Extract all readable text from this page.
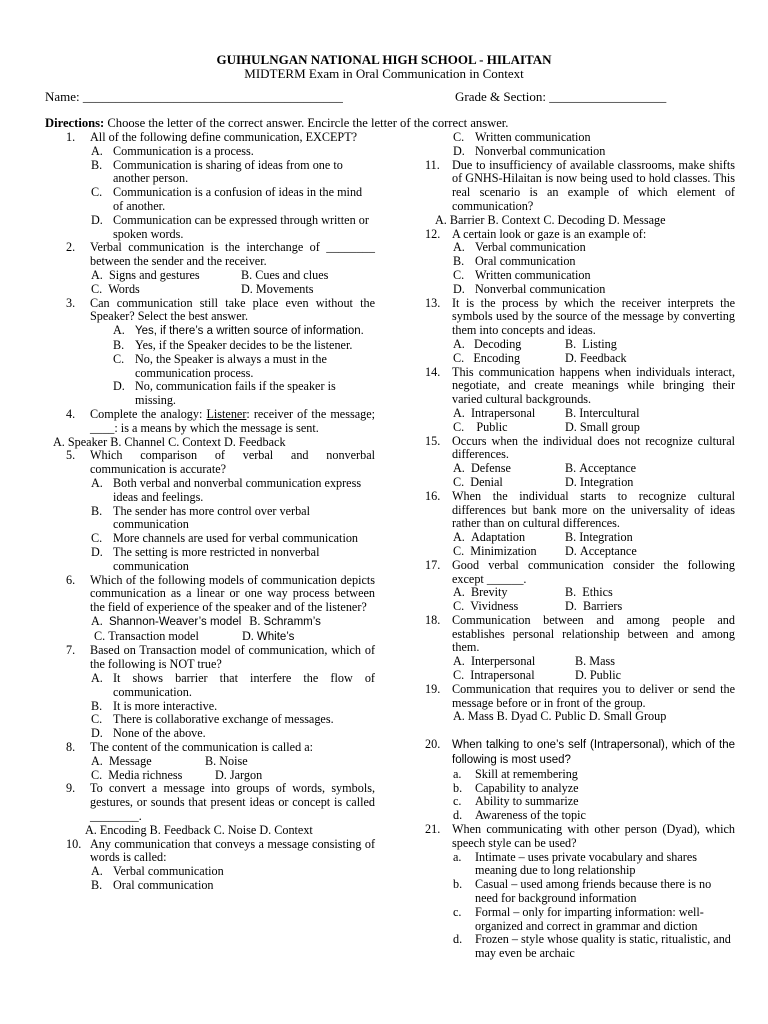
GUIHULNGAN NATIONAL HIGH SCHOOL - HILAITAN
MIDTERM Exam in Oral Communication in Context
Name: ________________________________________	Grade & Section: __________________
Directions: Choose the letter of the correct answer. Encircle the letter of the correct answer.
1. All of the following define communication, EXCEPT?
A. Communication is a process.
B. Communication is sharing of ideas from one to another person.
C. Communication is a confusion of ideas in the mind of another.
D. Communication can be expressed through written or spoken words.
2. Verbal communication is the interchange of ________ between the sender and the receiver.
A. Signs and gestures	B. Cues and clues
C. Words	D. Movements
3. Can communication still take place even without the Speaker? Select the best answer.
A. Yes, if there’s a written source of information.
B. Yes, if the Speaker decides to be the listener.
C. No, the Speaker is always a must in the communication process.
D. No, communication fails if the speaker is missing.
4. Complete the analogy: Listener: receiver of the message; ____: is a means by which the message is sent.
A. Speaker B. Channel C. Context D. Feedback
5. Which comparison of verbal and nonverbal communication is accurate?
A. Both verbal and nonverbal communication express ideas and feelings.
B. The sender has more control over verbal communication
C. More channels are used for verbal communication
D. The setting is more restricted in nonverbal communication
6. Which of the following models of communication depicts communication as a linear or one way process between the field of experience of the speaker and of the listener?
A. Shannon-Weaver’s model B. Schramm’s
C. Transaction model	D. White’s
7. Based on Transaction model of communication, which of the following is NOT true?
A. It shows barrier that interfere the flow of communication.
B. It is more interactive.
C. There is collaborative exchange of messages.
D. None of the above.
8. The content of the communication is called a:
A. Message	B. Noise
C. Media richness	D. Jargon
9. To convert a message into groups of words, symbols, gestures, or sounds that present ideas or concept is called ________.
A. Encoding B. Feedback C. Noise D. Context
10. Any communication that conveys a message consisting of words is called:
A. Verbal communication
B. Oral communication
C. Written communication
D. Nonverbal communication
11. Due to insufficiency of available classrooms, make shifts of GNHS-Hilaitan is now being used to hold classes. This real scenario is an example of which element of communication?
A. Barrier B. Context C. Decoding D. Message
12. A certain look or gaze is an example of:
A. Verbal communication
B. Oral communication
C. Written communication
D. Nonverbal communication
13. It is the process by which the receiver interprets the symbols used by the source of the message by converting them into concepts and ideas.
A. Decoding	B. Listing
C. Encoding	D. Feedback
14. This communication happens when individuals interact, negotiate, and create meanings while bringing their varied cultural backgrounds.
A. Intrapersonal	B. Intercultural
C. Public	D. Small group
15. Occurs when the individual does not recognize cultural differences.
A. Defense	B. Acceptance
C. Denial	D. Integration
16. When the individual starts to recognize cultural differences but bank more on the universality of ideas rather than on cultural differences.
A. Adaptation	B. Integration
C. Minimization	D. Acceptance
17. Good verbal communication consider the following except ______.
A. Brevity	B. Ethics
C. Vividness	D. Barriers
18. Communication between and among people and establishes personal relationship between and among them.
A. Interpersonal	B. Mass
C. Intrapersonal	D. Public
19. Communication that requires you to deliver or send the message before or in front of the group.
A. Mass B. Dyad C. Public D. Small Group
20. When talking to one’s self (Intrapersonal), which of the following is most used?
a. Skill at remembering
b. Capability to analyze
c. Ability to summarize
d. Awareness of the topic
21. When communicating with other person (Dyad), which speech style can be used?
a. Intimate – uses private vocabulary and shares meaning due to long relationship
b. Casual – used among friends because there is no need for background information
c. Formal – only for imparting information: well- organized and correct in grammar and diction
d. Frozen – style whose quality is static, ritualistic, and may even be archaic
